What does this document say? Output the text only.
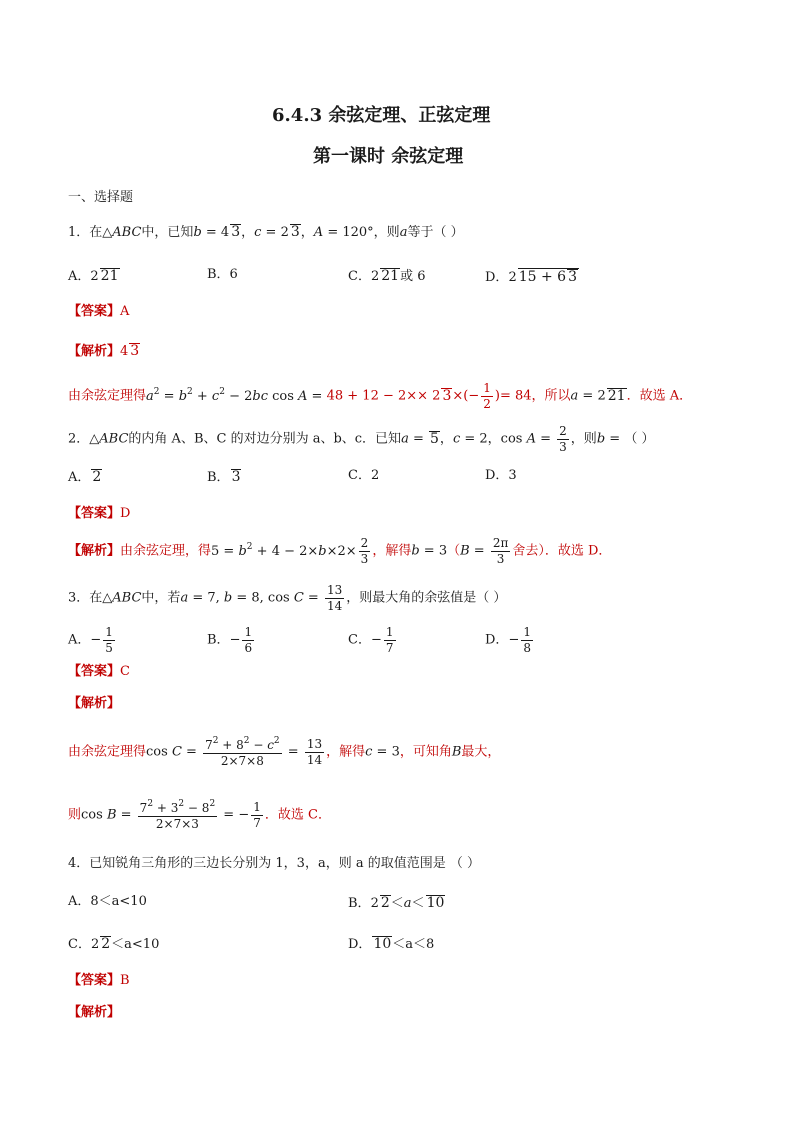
6.4.3 余弦定理、正弦定理
第一课时 余弦定理
一、选择题
1．在△ABC中，已知b = 4 3，c = 2 3，A = 120°，则a等于（ ）
A．2 21	B．6	C．2 21或 6	D．2 15 + 6 3
【答案】A
【解析】4 3
由余弦定理得$a^2 = b^2 + c^2 - 2bc$ cos A = 48 + 12 − 2×× 2 $3\times(- \frac{1}{2}$ )= 84，所以a = 2 21．故选 A．
2．△ABC的内角 A、B、C 的对边分别为 a、b、c．已知a = 5，c = 2，$\cos A = \frac{2}{3}$ ，则b = （ ）
A． 2	B． 3	C．2	D．3
【答案】D
【解析】由余弦定理，得$5 = b^2 + 4 - 2\times b\times 2\times \frac{2}{3}$ ，解得$b = 3(B = \frac{2\pi}{3}$ 舍去）．故选 D．
3．在△ABC中，若a = 7, b = 8, $\cos C = \frac{13}{14}$ ，则最大角的余弦值是（ ）
A．− $\frac{1}{5}$	B．− $\frac{1}{6}$	C．− $\frac{1}{7}$	D．− $\frac{1}{8}$
【答案】C
【解析】
由余弦定理得$\cos C = \frac{7^2 + 8^2 - c^2}{2\times 7\times 8} = \frac{13}{14}$ ，解得c = 3，可知角B最大，
则$\cos B = \frac{7^2 + 3^2 - 8^2}{2\times 7\times 3}$ = − $\frac{1}{7}$ ．故选 C．
4．已知锐角三角形的三边长分别为 1，3，a，则 a 的取值范围是 （ ）
A．8＜a<10	B．2 2＜a＜ 10
C．2 2＜a<10	D． 10＜a＜8
【答案】B
【解析】
